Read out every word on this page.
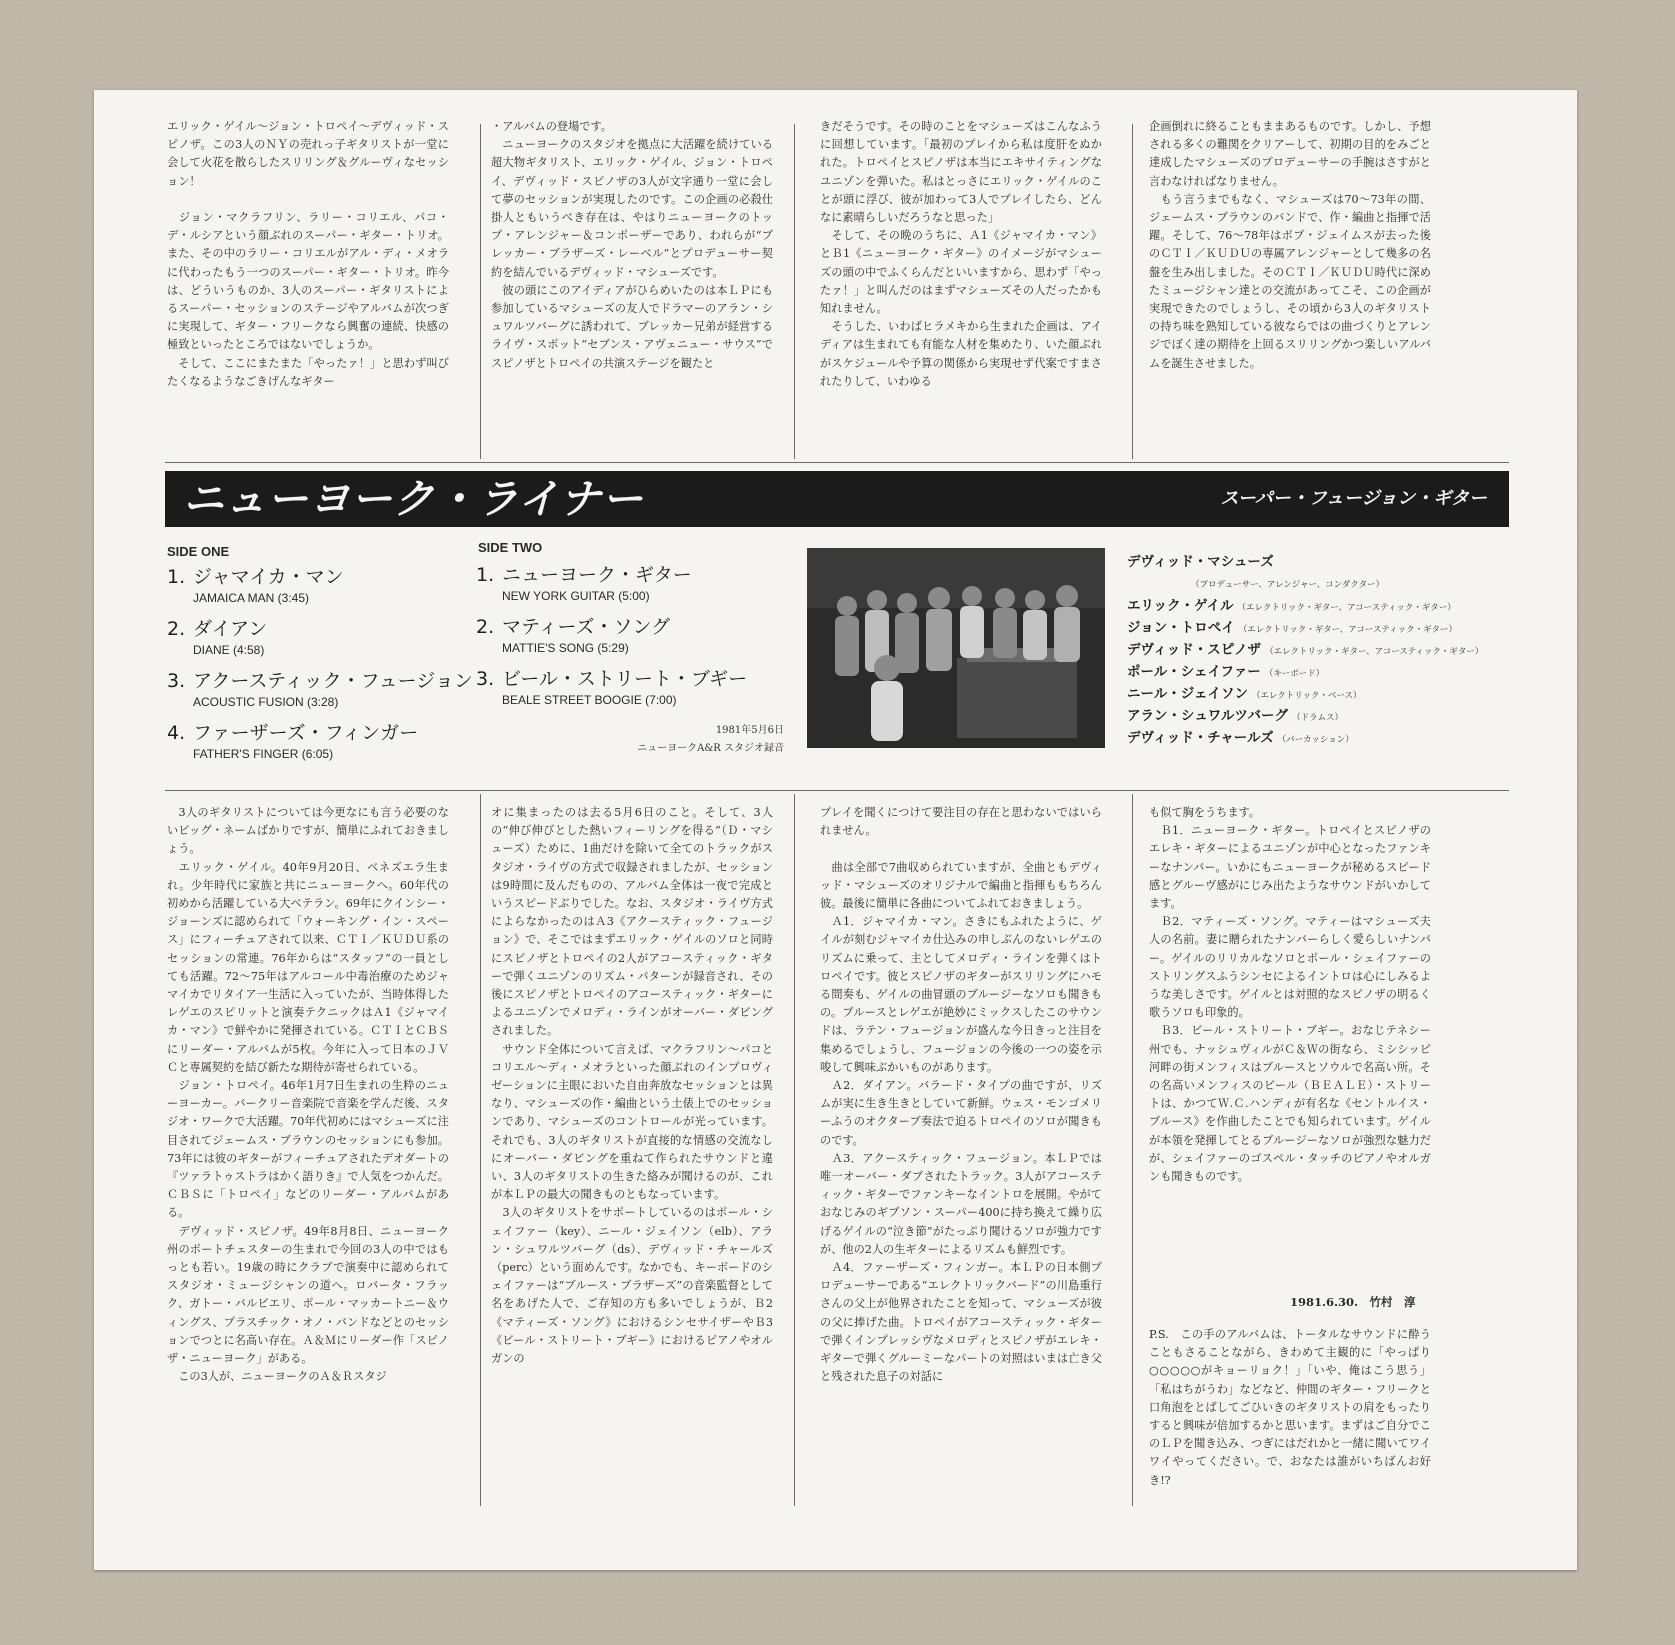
エリック・ゲイル〜ジョン・トロペイ〜デヴィッド・スピノザ。この3人のＮＹの売れっ子ギタリストが一堂に会して火花を散らしたスリリング＆グルーヴィなセッション！

　ジョン・マクラフリン、ラリー・コリエル、パコ・デ・ルシアという顔ぶれのスーパー・ギター・トリオ。また、その中のラリー・コリエルがアル・ディ・メオラに代わったもう一つのスーパー・ギター・トリオ。昨今は、どういうものか、3人のスーパー・ギタリストによるスーパー・セッションのステージやアルバムが次つぎに実現して、ギター・フリークなら興奮の連続、快感の極致といったところではないでしょうか。
　そして、ここにまたまた「やったァ！」と思わず叫びたくなるようなごきげんなギター
・アルバムの登場です。
　ニューヨークのスタジオを拠点に大活躍を続けている超大物ギタリスト、エリック・ゲイル、ジョン・トロペイ、デヴィッド・スピノザの3人が文字通り一堂に会して夢のセッションが実現したのです。この企画の必殺仕掛人ともいうべき存在は、やはりニューヨークのトップ・アレンジャー＆コンポーザーであり、われらが“ブレッカー・ブラザーズ・レーベル”とプロデューサー契約を結んでいるデヴィッド・マシューズです。
　彼の頭にこのアイディアがひらめいたのは本ＬＰにも参加しているマシューズの友人でドラマーのアラン・シュワルツバーグに誘われて、ブレッカー兄弟が経営するライヴ・スポット“セブンス・アヴェニュー・サウス”でスピノザとトロペイの共演ステージを観たと
きだそうです。その時のことをマシューズはこんなふうに回想しています。「最初のプレイから私は度肝をぬかれた。トロペイとスピノザは本当にエキサイティングなユニゾンを弾いた。私はとっさにエリック・ゲイルのことが頭に浮び、彼が加わって3人でプレイしたら、どんなに素晴らしいだろうなと思った」
　そして、その晩のうちに、Ａ1《ジャマイカ・マン》とＢ1《ニューヨーク・ギター》のイメージがマシューズの頭の中でふくらんだといいますから、思わず「やったァ！」と叫んだのはまずマシューズその人だったかも知れません。
　そうした、いわばヒラメキから生まれた企画は、アイディアは生まれても有能な人材を集めたり、いた顔ぶれがスケジュールや予算の関係から実現せず代案ですまされたりして、いわゆる
企画倒れに終ることもままあるものです。しかし、予想される多くの難関をクリアーして、初期の目的をみごと達成したマシューズのプロデューサーの手腕はさすがと言わなければなりません。
　もう言うまでもなく、マシューズは70〜73年の間、ジェームス・ブラウンのバンドで、作・編曲と指揮で活躍。そして、76〜78年はボブ・ジェイムスが去った後のＣＴＩ／ＫＵＤＵの専属アレンジャーとして幾多の名盤を生み出しました。そのＣＴＩ／ＫＵＤＵ時代に深めたミュージシャン達との交流があってこそ、この企画が実現できたのでしょうし、その頃から3人のギタリストの持ち味を熟知している彼ならではの曲づくりとアレンジでぼく達の期待を上回るスリリングかつ楽しいアルバムを誕生させました。
ニューヨーク・ライナー	スーパー・フュージョン・ギター
SIDE ONE
1. ジャマイカ・マン
JAMAICA MAN (3:45)
2. ダイアン
DIANE (4:58)
3. アクースティック・フュージョン
ACOUSTIC FUSION (3:28)
4. ファーザーズ・フィンガー
FATHER'S FINGER (6:05)
SIDE TWO
1. ニューヨーク・ギター
NEW YORK GUITAR (5:00)
2. マティーズ・ソング
MATTIE'S SONG (5:29)
3. ビール・ストリート・ブギー
BEALE STREET BOOGIE (7:00)
1981年5月6日
ニューヨークA&R スタジオ録音
デヴィッド・マシューズ
（プロデューサー、アレンジャー、コンダクター）
エリック・ゲイル （エレクトリック・ギター、アコースティック・ギター）
ジョン・トロペイ （エレクトリック・ギター、アコースティック・ギター）
デヴィッド・スピノザ （エレクトリック・ギター、アコースティック・ギター）
ポール・シェイファー （キーボード）
ニール・ジェイソン （エレクトリック・ベース）
アラン・シュワルツバーグ （ドラムス）
デヴィッド・チャールズ （パーカッション）
　3人のギタリストについては今更なにも言う必要のないビッグ・ネームばかりですが、簡単にふれておきましょう。
　エリック・ゲイル。40年9月20日、ベネズエラ生まれ。少年時代に家族と共にニューヨークへ。60年代の初めから活躍している大ベテラン。69年にクインシー・ジョーンズに認められて「ウォーキング・イン・スペース」にフィーチュアされて以来、ＣＴＩ／ＫＵＤＵ系のセッションの常連。76年からは“スタッフ”の一員としても活躍。72〜75年はアルコール中毒治療のためジャマイカでリタイア一生活に入っていたが、当時体得したレゲエのスピリットと演奏テクニックはＡ1《ジャマイカ・マン》で鮮やかに発揮されている。ＣＴＩとＣＢＳにリーダー・アルバムが5枚。今年に入って日本のＪＶＣと専属契約を結び新たな期待が寄せられている。
　ジョン・トロペイ。46年1月7日生まれの生粋のニューヨーカー。バークリー音楽院で音楽を学んだ後、スタジオ・ワークで大活躍。70年代初めにはマシューズに注目されてジェームス・ブラウンのセッションにも参加。73年には彼のギターがフィーチュアされたデオダートの『ツァラトゥストラはかく語りき』で人気をつかんだ。ＣＢＳに「トロペイ」などのリーダー・アルバムがある。
　デヴィッド・スピノザ。49年8月8日、ニューヨーク州のポートチェスターの生まれで今回の3人の中ではもっとも若い。19歳の時にクラブで演奏中に認められてスタジオ・ミュージシャンの道へ。ロバータ・フラック、ガトー・バルビエリ、ポール・マッカートニー＆ウィングス、プラスチック・オノ・バンドなどとのセッションでつとに名高い存在。Ａ＆Ｍにリーダー作「スピノザ・ニューヨーク」がある。
　この3人が、ニューヨークのＡ＆Ｒスタジ
オに集まったのは去る5月6日のこと。そして、3人の“伸び伸びとした熱いフィーリングを得る”（Ｄ・マシューズ）ために、1曲だけを除いて全てのトラックがスタジオ・ライヴの方式で収録されましたが、セッションは9時間に及んだものの、アルバム全体は一夜で完成というスピードぶりでした。なお、スタジオ・ライヴ方式によらなかったのはＡ3《アクースティック・フュージョン》で、そこではまずエリック・ゲイルのソロと同時にスピノザとトロペイの2人がアコースティック・ギターで弾くユニゾンのリズム・パターンが録音され、その後にスピノザとトロペイのアコースティック・ギターによるユニゾンでメロディ・ラインがオーバー・ダビングされました。
　サウンド全体について言えば、マクラフリン〜パコとコリエル〜ディ・メオラといった顔ぶれのインプロヴィゼーションに主眼においた自由奔放なセッションとは異なり、マシューズの作・編曲という土俵上でのセッションであり、マシューズのコントロールが光っています。それでも、3人のギタリストが直接的な情感の交流なしにオーバー・ダビングを重ねて作られたサウンドと違い、3人のギタリストの生きた絡みが聞けるのが、これが本ＬＰの最大の聞きものともなっています。
　3人のギタリストをサポートしているのはポール・シェイファー（key）、ニール・ジェイソン（elb）、アラン・シュワルツバーグ（ds）、デヴィッド・チャールズ（perc）という面めんです。なかでも、キーボードのシェイファーは“ブルース・ブラザーズ”の音楽監督として名をあげた人で、ご存知の方も多いでしょうが、Ｂ2《マティーズ・ソング》におけるシンセサイザーやＢ3《ビール・ストリート・ブギー》におけるピアノやオルガンの
プレイを聞くにつけて要注目の存在と思わないではいられません。

　曲は全部で7曲収められていますが、全曲ともデヴィッド・マシューズのオリジナルで編曲と指揮ももちろん彼。最後に簡単に各曲についてふれておきましょう。
　Ａ1．ジャマイカ・マン。さきにもふれたように、ゲイルが刻むジャマイカ仕込みの申しぶんのないレゲエのリズムに乗って、主としてメロディ・ラインを弾くはトロペイです。彼とスピノザのギターがスリリングにハモる間奏も、ゲイルの曲冒頭のブルージーなソロも聞きもの。ブルースとレゲエが絶妙にミックスしたこのサウンドは、ラテン・フュージョンが盛んな今日きっと注目を集めるでしょうし、フュージョンの今後の一つの姿を示唆して興味ぶかいものがあります。
　Ａ2．ダイアン。バラード・タイプの曲ですが、リズムが実に生き生きとしていて新鮮。ウェス・モンゴメリーふうのオクターブ奏法で迫るトロペイのソロが聞きものです。
　Ａ3．アクースティック・フュージョン。本ＬＰでは唯一オーバー・ダブされたトラック。3人がアコースティック・ギターでファンキーなイントロを展開。やがておなじみのギブソン・スーパー400に持ち換えて繰り広げるゲイルの“泣き節”がたっぷり聞けるソロが強力ですが、他の2人の生ギターによるリズムも鮮烈です。
　Ａ4．ファーザーズ・フィンガー。本ＬＰの日本側プロデューサーである“エレクトリックバード”の川島重行さんの父上が他界されたことを知って、マシューズが彼の父に捧げた曲。トロペイがアコースティック・ギターで弾くインプレッシヴなメロディとスピノザがエレキ・ギターで弾くグルーミーなパートの対照はいまは亡き父と残された息子の対話に
も似て胸をうちます。
　Ｂ1．ニューヨーク・ギター。トロペイとスピノザのエレキ・ギターによるユニゾンが中心となったファンキーなナンバー。いかにもニューヨークが秘めるスピード感とグルーヴ感がにじみ出たようなサウンドがいかしてます。
　Ｂ2．マティーズ・ソング。マティーはマシューズ夫人の名前。妻に贈られたナンバーらしく愛らしいナンバー。ゲイルのリリカルなソロとポール・シェイファーのストリングスふうシンセによるイントロは心にしみるような美しさです。ゲイルとは対照的なスピノザの明るく歌うソロも印象的。
　Ｂ3．ビール・ストリート・ブギー。おなじテネシー州でも、ナッシュヴィルがＣ＆Ｗの街なら、ミシシッピ河畔の街メンフィスはブルースとソウルで名高い所。その名高いメンフィスのビール（ＢＥＡＬＥ）・ストリートは、かつてＷ.Ｃ.ハンディが有名な《セントルイス・ブルース》を作曲したことでも知られています。ゲイルが本領を発揮してとるブルージーなソロが強烈な魅力だが、シェイファーのゴスペル・タッチのピアノやオルガンも聞きものです。
1981.6.30.　竹村　淳
P.S.　この手のアルバムは、トータルなサウンドに酔うこともさることながら、きわめて主観的に「やっぱり○○○○○がキョーリョク！」「いや、俺はこう思う」「私はちがうわ」などなど、仲間のギター・フリークと口角泡をとばしてごひいきのギタリストの肩をもったりすると興味が倍加するかと思います。まずはご自分でこのＬＰを聞き込み、つぎにはだれかと一緒に聞いてワイワイやってください。で、おなたは誰がいちばんお好き!?
